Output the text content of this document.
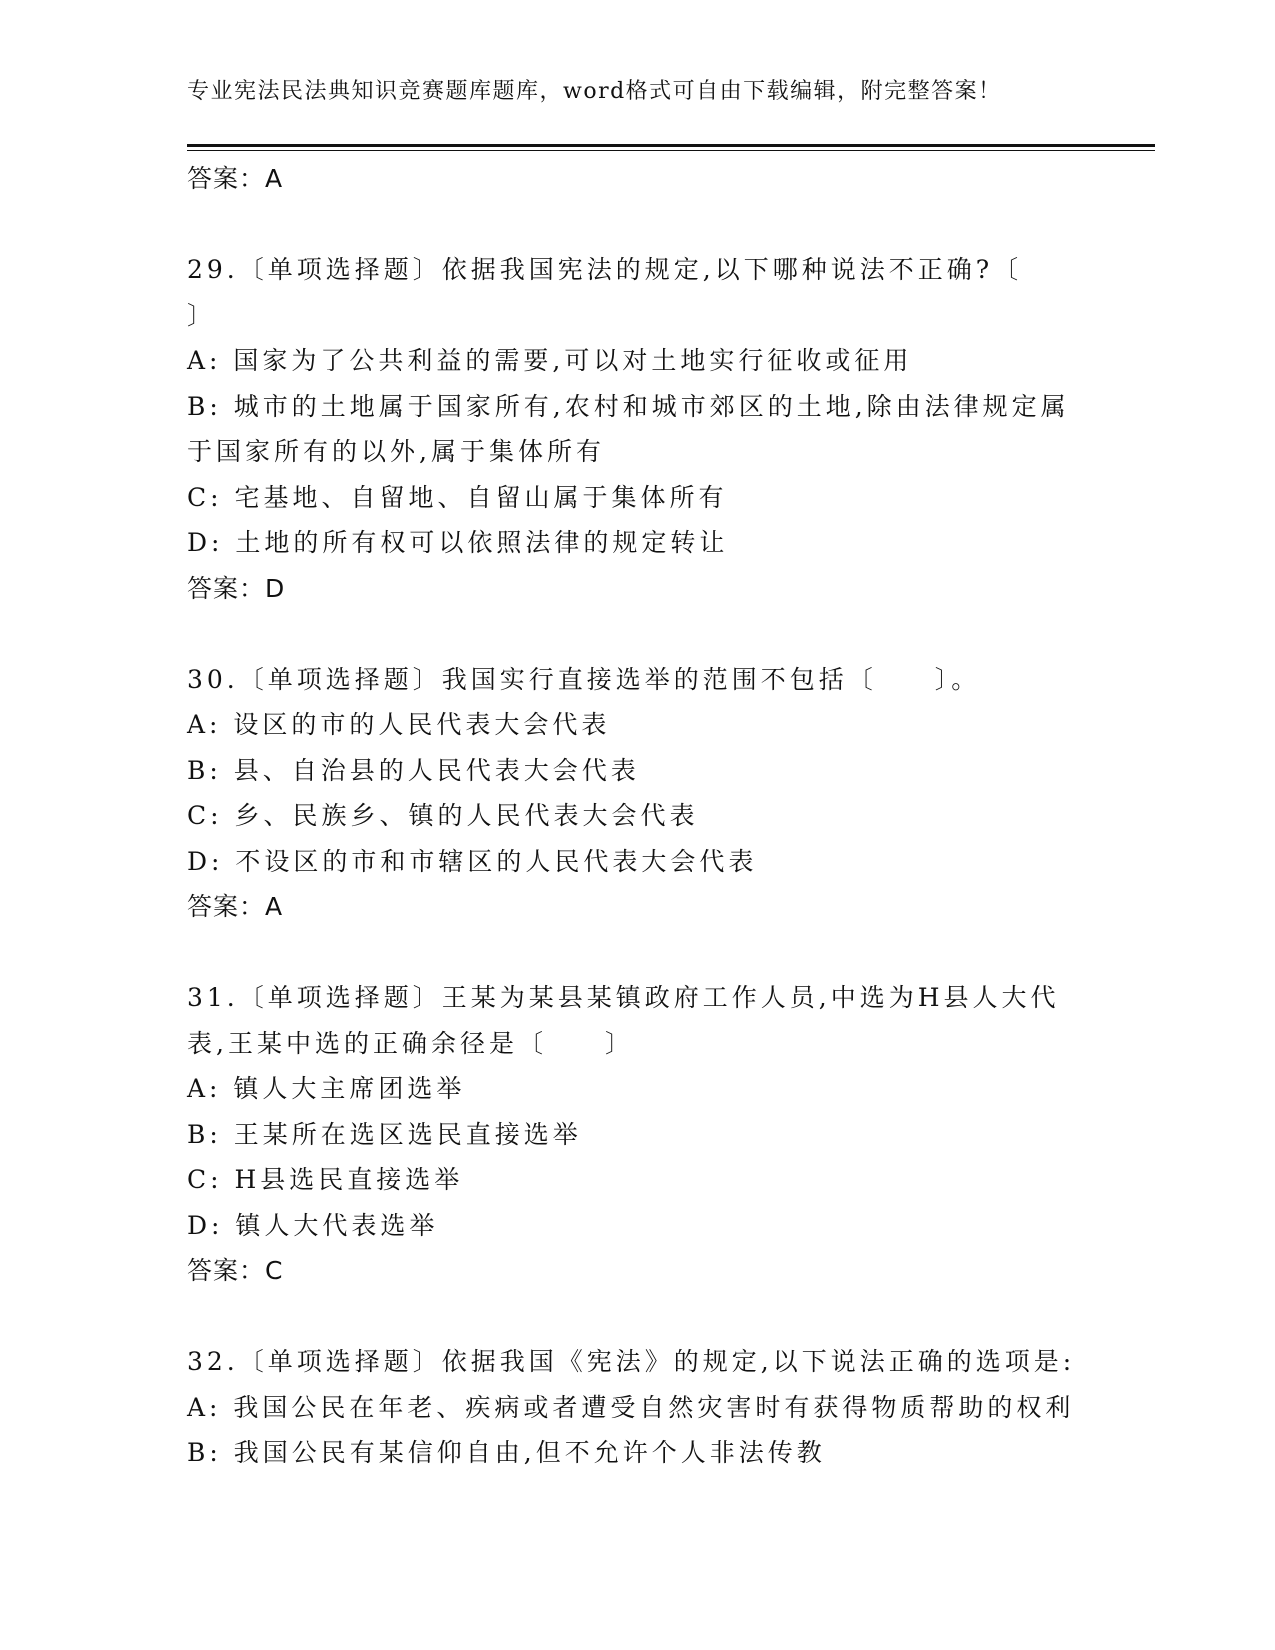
专业宪法民法典知识竞赛题库题库，word格式可自由下载编辑，附完整答案！
答案：A
29.〔单项选择题〕依据我国宪法的规定,以下哪种说法不正确?〔
〕
A: 国家为了公共利益的需要,可以对土地实行征收或征用
B: 城市的土地属于国家所有,农村和城市郊区的土地,除由法律规定属
于国家所有的以外,属于集体所有
C: 宅基地、自留地、自留山属于集体所有
D: 土地的所有权可以依照法律的规定转让
答案：D
30.〔单项选择题〕我国实行直接选举的范围不包括〔　　〕。
A: 设区的市的人民代表大会代表
B: 县、自治县的人民代表大会代表
C: 乡、民族乡、镇的人民代表大会代表
D: 不设区的市和市辖区的人民代表大会代表
答案：A
31.〔单项选择题〕王某为某县某镇政府工作人员,中选为H县人大代
表,王某中选的正确余径是〔　　〕
A: 镇人大主席团选举
B: 王某所在选区选民直接选举
C: H县选民直接选举
D: 镇人大代表选举
答案：C
32.〔单项选择题〕依据我国《宪法》的规定,以下说法正确的选项是:
A: 我国公民在年老、疾病或者遭受自然灾害时有获得物质帮助的权利
B: 我国公民有某信仰自由,但不允许个人非法传教
